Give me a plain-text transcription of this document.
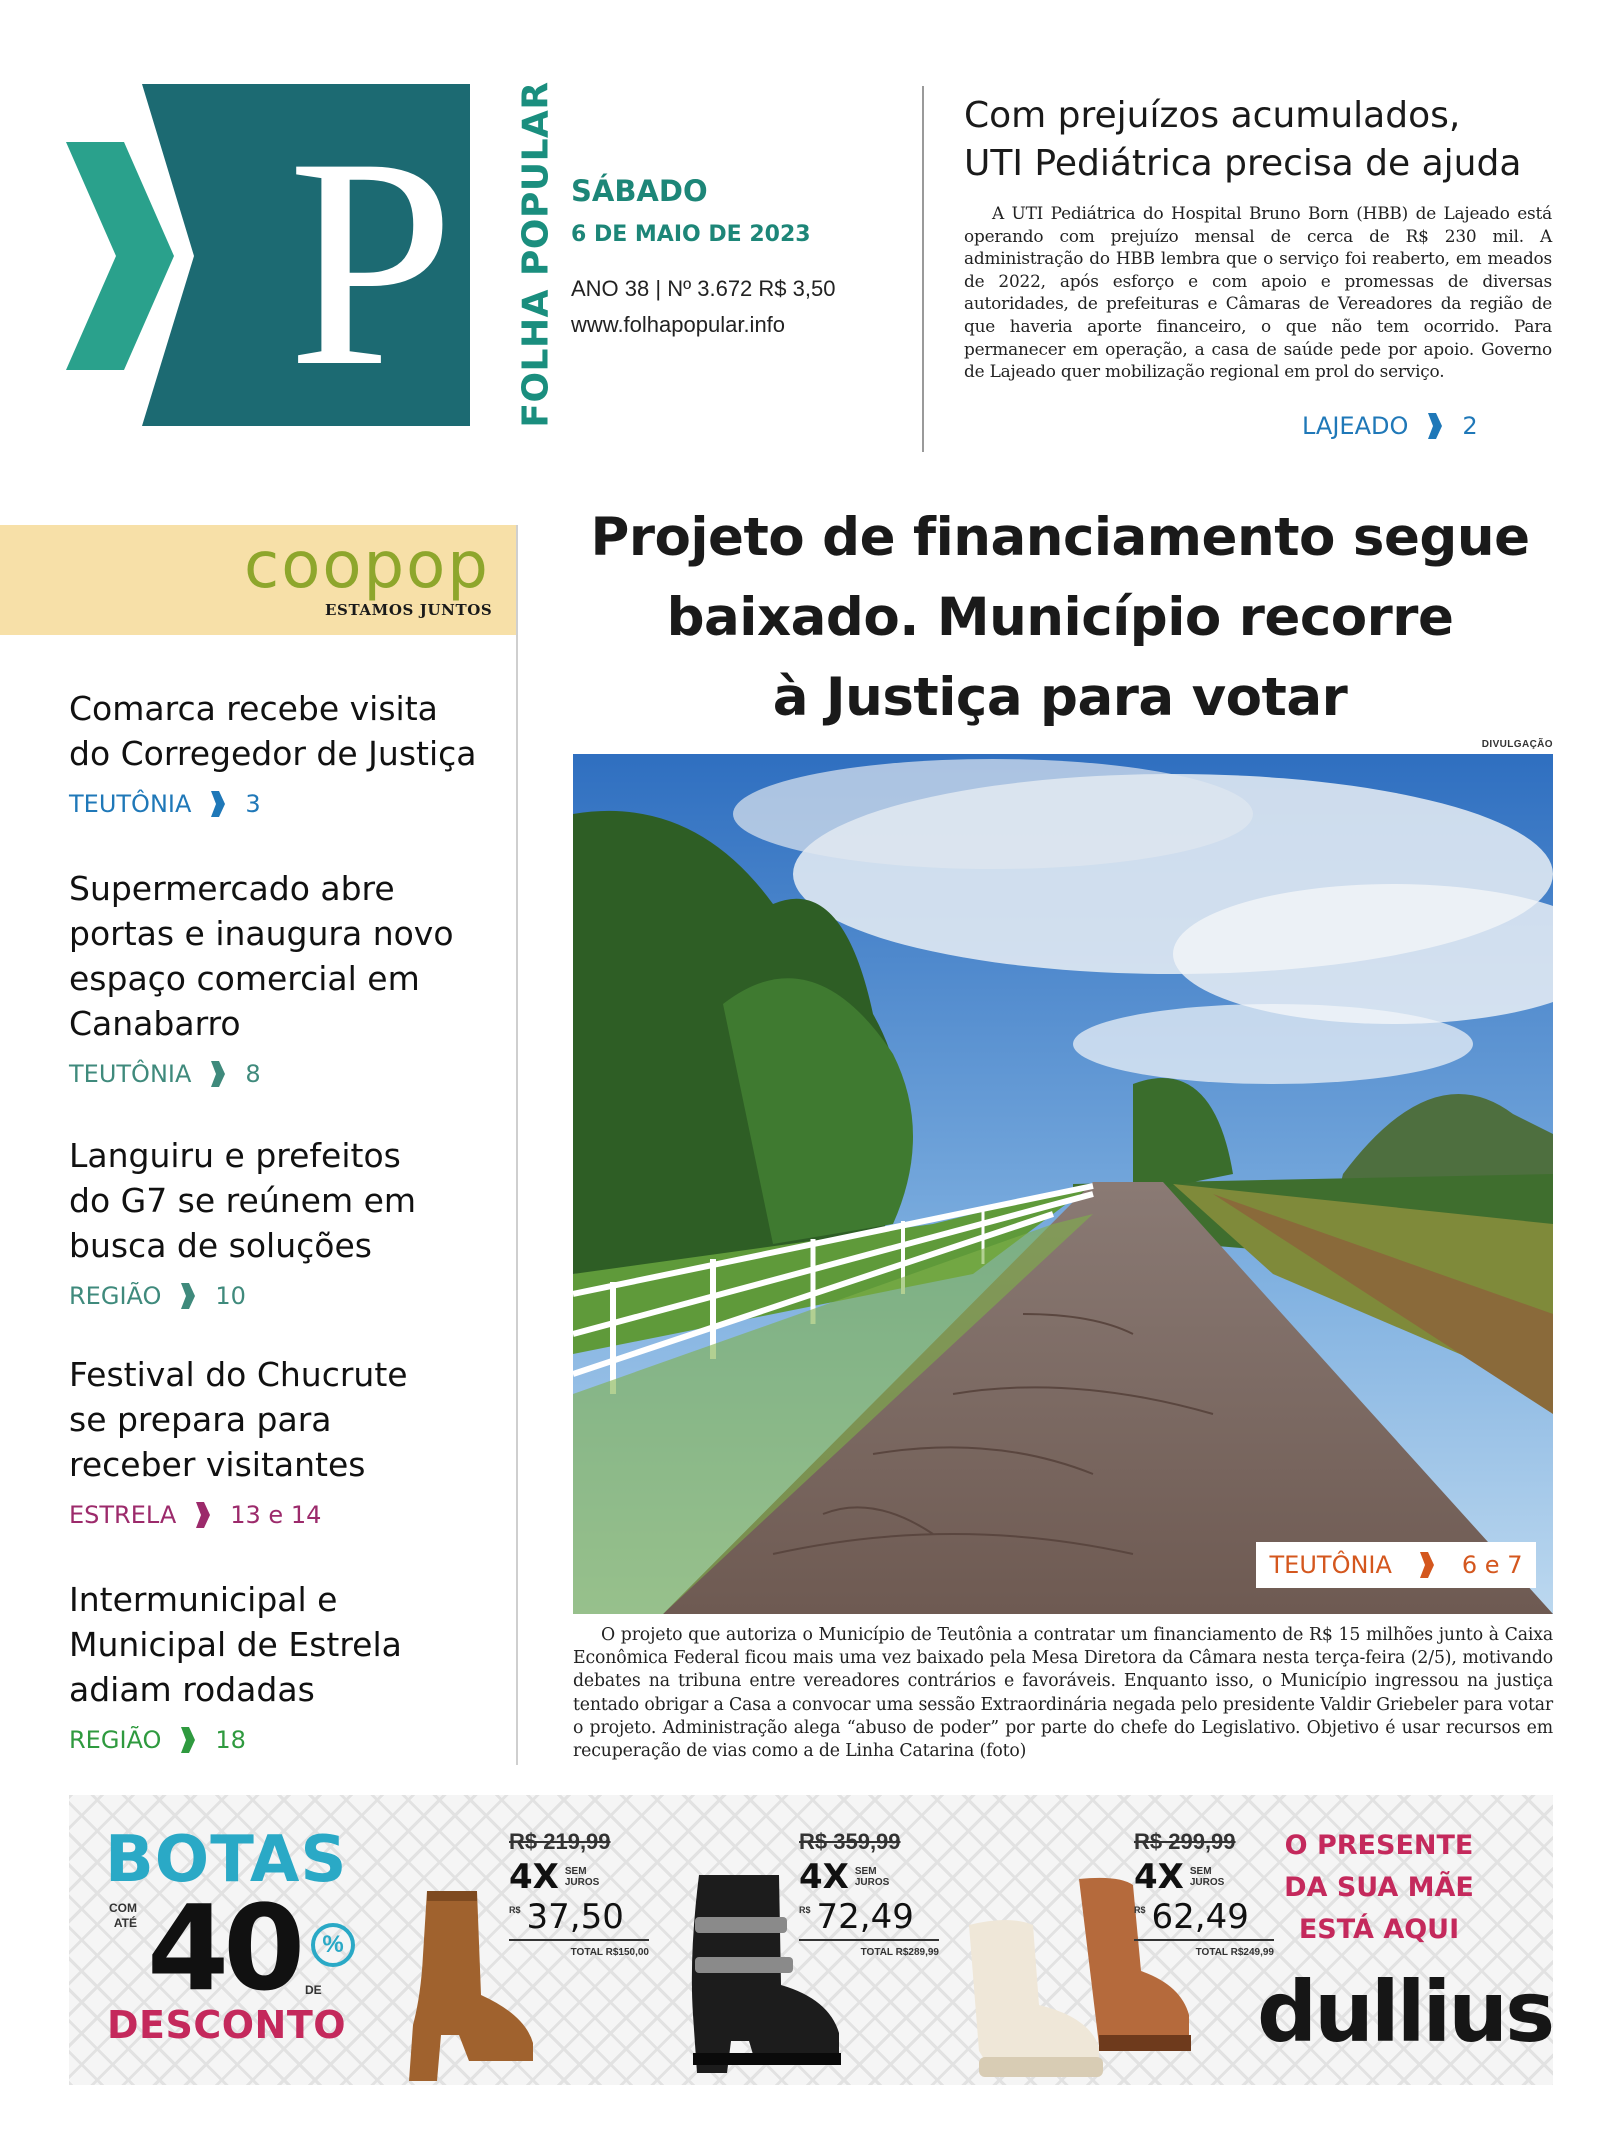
P	FOLHA POPULAR SÁBADO
6 DE MAIO DE 2023
ANO 38 | Nº 3.672 R$ 3,50
www.folhapopular.info
Com prejuízos acumulados,
UTI Pediátrica precisa de ajuda
A UTI Pediátrica do Hospital Bruno Born (HBB) de Lajeado está operando com prejuízo mensal de cerca de R$ 230 mil. A administração do HBB lembra que o serviço foi reaberto, em meados de 2022, após esforço e com apoio e promessas de diversas autoridades, de prefeituras e Câmaras de Vereadores da região de que haveria aporte financeiro, o que não tem ocorrido. Para permanecer em operação, a casa de saúde pede por apoio. Governo de Lajeado quer mobilização regional em prol do serviço.
LAJEADO 2
coopop
ESTAMOS JUNTOS
Comarca recebe visita do Corregedor de Justiça
TEUTÔNIA 3
Supermercado abre portas e inaugura novo espaço comercial em Canabarro
TEUTÔNIA 8
Languiru e prefeitos do G7 se reúnem em busca de soluções
REGIÃO 10
Festival do Chucrute se prepara para receber visitantes
ESTRELA 13 e 14
Intermunicipal e Municipal de Estrela adiam rodadas
REGIÃO 18
Projeto de financiamento segue
baixado. Município recorre
à Justiça para votar
DIVULGAÇÃO
TEUTÔNIA	6 e 7
O projeto que autoriza o Município de Teutônia a contratar um financiamento de R$ 15 milhões junto à Caixa Econômica Federal ficou mais uma vez baixado pela Mesa Diretora da Câmara nesta terça-feira (2/5), motivando debates na tribuna entre vereadores contrários e favoráveis. Enquanto isso, o Município ingressou na justiça tentado obrigar a Casa a convocar uma sessão Extraordinária negada pelo presidente Valdir Griebeler para votar o projeto. Administração alega “abuso de poder” por parte do chefe do Legislativo. Objetivo é usar recursos em recuperação de vias como a de Linha Catarina (foto)
BOTAS
COM
ATÉ 40 %
DE
DESCONTO
R$ 219,99
4X SEM
JUROS
R$ 37,50
TOTAL R$150,00
R$ 359,99
4X SEM
JUROS
R$ 72,49
TOTAL R$289,99
R$ 299,99
4X SEM
JUROS
R$ 62,49
TOTAL R$249,99
O PRESENTE
DA SUA MÃE
ESTÁ AQUI
dullius
